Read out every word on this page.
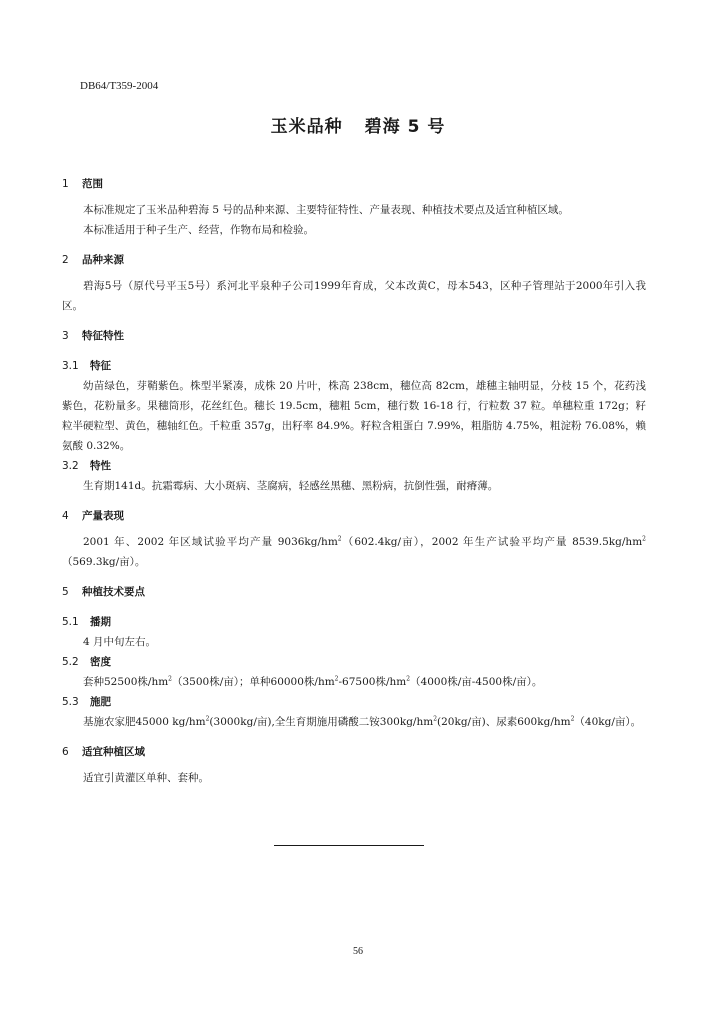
DB64/T359-2004
玉米品种 碧海 5 号
1 范围

本标准规定了玉米品种碧海 5 号的品种来源、主要特征特性、产量表现、种植技术要点及适宜种植区域。

本标准适用于种子生产、经营，作物布局和检验。

2 品种来源

碧海5号（原代号平玉5号）系河北平泉种子公司1999年育成，父本改黄C，母本543，区种子管理站于2000年引入我区。

3 特征特性
3.1 特征

幼苗绿色，芽鞘紫色。株型半紧凑，成株 20 片叶，株高 238cm，穗位高 82cm，雄穗主轴明显，分枝 15 个，花药浅紫色，花粉量多。果穗筒形，花丝红色。穗长 19.5cm，穗粗 5cm，穗行数 16-18 行，行粒数 37 粒。单穗粒重 172g；籽粒半硬粒型、黄色，穗轴红色。千粒重 357g，出籽率 84.9%。籽粒含粗蛋白 7.99%，粗脂肪 4.75%，粗淀粉 76.08%，赖氨酸 0.32%。

3.2 特性

生育期141d。抗霜霉病、大小斑病、茎腐病，轻感丝黑穗、黑粉病，抗倒性强，耐瘠薄。

4 产量表现

2001 年、2002 年区域试验平均产量 $9036kg/hm^2(602.4kg/$亩），2002 年生产试验平均产量 $8539.5kg/hm^2(569.3kg/$亩）。

5 种植技术要点
5.1 播期

4 月中旬左右。

5.2 密度

套种52500株$/hm^2(3500$株/亩）；单种60000株$/hm^2-67500$株$/hm^2(4000$株/亩-4500株/亩）。

5.3 施肥

基施农家肥45000 $kg/hm^2(3000kg/$亩),全生育期施用磷酸二铵$300kg/hm^2(20kg/$亩)、尿素$600kg/hm^2(40kg/$亩）。

6 适宜种植区域

适宜引黄灌区单种、套种。

56
